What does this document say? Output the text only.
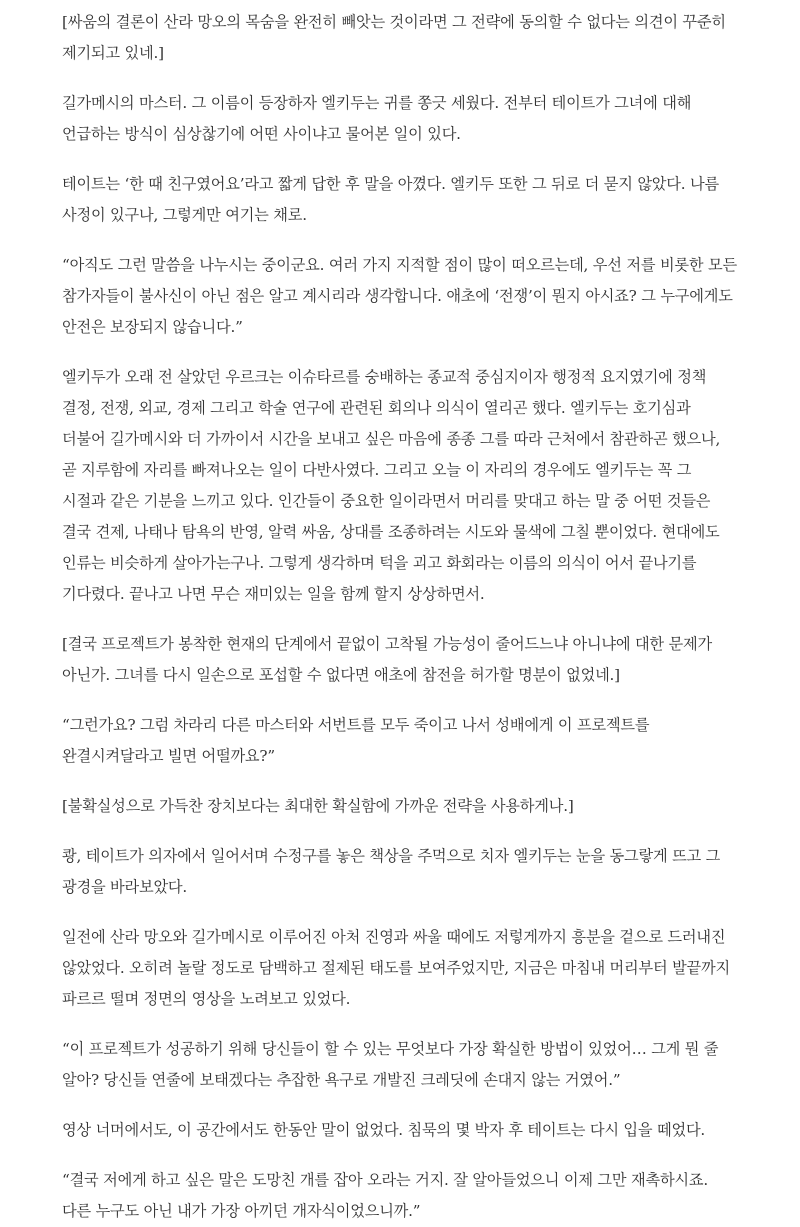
[싸움의 결론이 산라 망오의 목숨을 완전히 빼앗는 것이라면 그 전략에 동의할 수 없다는 의견이 꾸준히 제기되고 있네.]

길가메시의 마스터. 그 이름이 등장하자 엘키두는 귀를 쫑긋 세웠다. 전부터 테이트가 그녀에 대해 언급하는 방식이 심상찮기에 어떤 사이냐고 물어본 일이 있다.

테이트는 ‘한 때 친구였어요’라고 짧게 답한 후 말을 아꼈다. 엘키두 또한 그 뒤로 더 묻지 않았다. 나름 사정이 있구나, 그렇게만 여기는 채로.

“아직도 그런 말씀을 나누시는 중이군요. 여러 가지 지적할 점이 많이 떠오르는데, 우선 저를 비롯한 모든 참가자들이 불사신이 아닌 점은 알고 계시리라 생각합니다. 애초에 ‘전쟁’이 뭔지 아시죠? 그 누구에게도 안전은 보장되지 않습니다.”

엘키두가 오래 전 살았던 우르크는 이슈타르를 숭배하는 종교적 중심지이자 행정적 요지였기에 정책 결정, 전쟁, 외교, 경제 그리고 학술 연구에 관련된 회의나 의식이 열리곤 했다. 엘키두는 호기심과 더불어 길가메시와 더 가까이서 시간을 보내고 싶은 마음에 종종 그를 따라 근처에서 참관하곤 했으나, 곧 지루함에 자리를 빠져나오는 일이 다반사였다. 그리고 오늘 이 자리의 경우에도 엘키두는 꼭 그 시절과 같은 기분을 느끼고 있다. 인간들이 중요한 일이라면서 머리를 맞대고 하는 말 중 어떤 것들은 결국 견제, 나태나 탐욕의 반영, 알력 싸움, 상대를 조종하려는 시도와 물색에 그칠 뿐이었다. 현대에도 인류는 비슷하게 살아가는구나. 그렇게 생각하며 턱을 괴고 화회라는 이름의 의식이 어서 끝나기를 기다렸다. 끝나고 나면 무슨 재미있는 일을 함께 할지 상상하면서.

[결국 프로젝트가 봉착한 현재의 단계에서 끝없이 고착될 가능성이 줄어드느냐 아니냐에 대한 문제가 아닌가. 그녀를 다시 일손으로 포섭할 수 없다면 애초에 참전을 허가할 명분이 없었네.]

“그런가요? 그럼 차라리 다른 마스터와 서번트를 모두 죽이고 나서 성배에게 이 프로젝트를 완결시켜달라고 빌면 어떨까요?”

[불확실성으로 가득찬 장치보다는 최대한 확실함에 가까운 전략을 사용하게나.]

쾅, 테이트가 의자에서 일어서며 수정구를 놓은 책상을 주먹으로 치자 엘키두는 눈을 동그랗게 뜨고 그 광경을 바라보았다.

일전에 산라 망오와 길가메시로 이루어진 아처 진영과 싸울 때에도 저렇게까지 흥분을 겉으로 드러내진 않았었다. 오히려 놀랄 정도로 담백하고 절제된 태도를 보여주었지만, 지금은 마침내 머리부터 발끝까지 파르르 떨며 정면의 영상을 노려보고 있었다.

“이 프로젝트가 성공하기 위해 당신들이 할 수 있는 무엇보다 가장 확실한 방법이 있었어… 그게 뭔 줄 알아? 당신들 연줄에 보태겠다는 추잡한 욕구로 개발진 크레딧에 손대지 않는 거였어.”

영상 너머에서도, 이 공간에서도 한동안 말이 없었다. 침묵의 몇 박자 후 테이트는 다시 입을 떼었다.

“결국 저에게 하고 싶은 말은 도망친 개를 잡아 오라는 거지. 잘 알아들었으니 이제 그만 재촉하시죠. 다른 누구도 아닌 내가 가장 아끼던 개자식이었으니까.”
